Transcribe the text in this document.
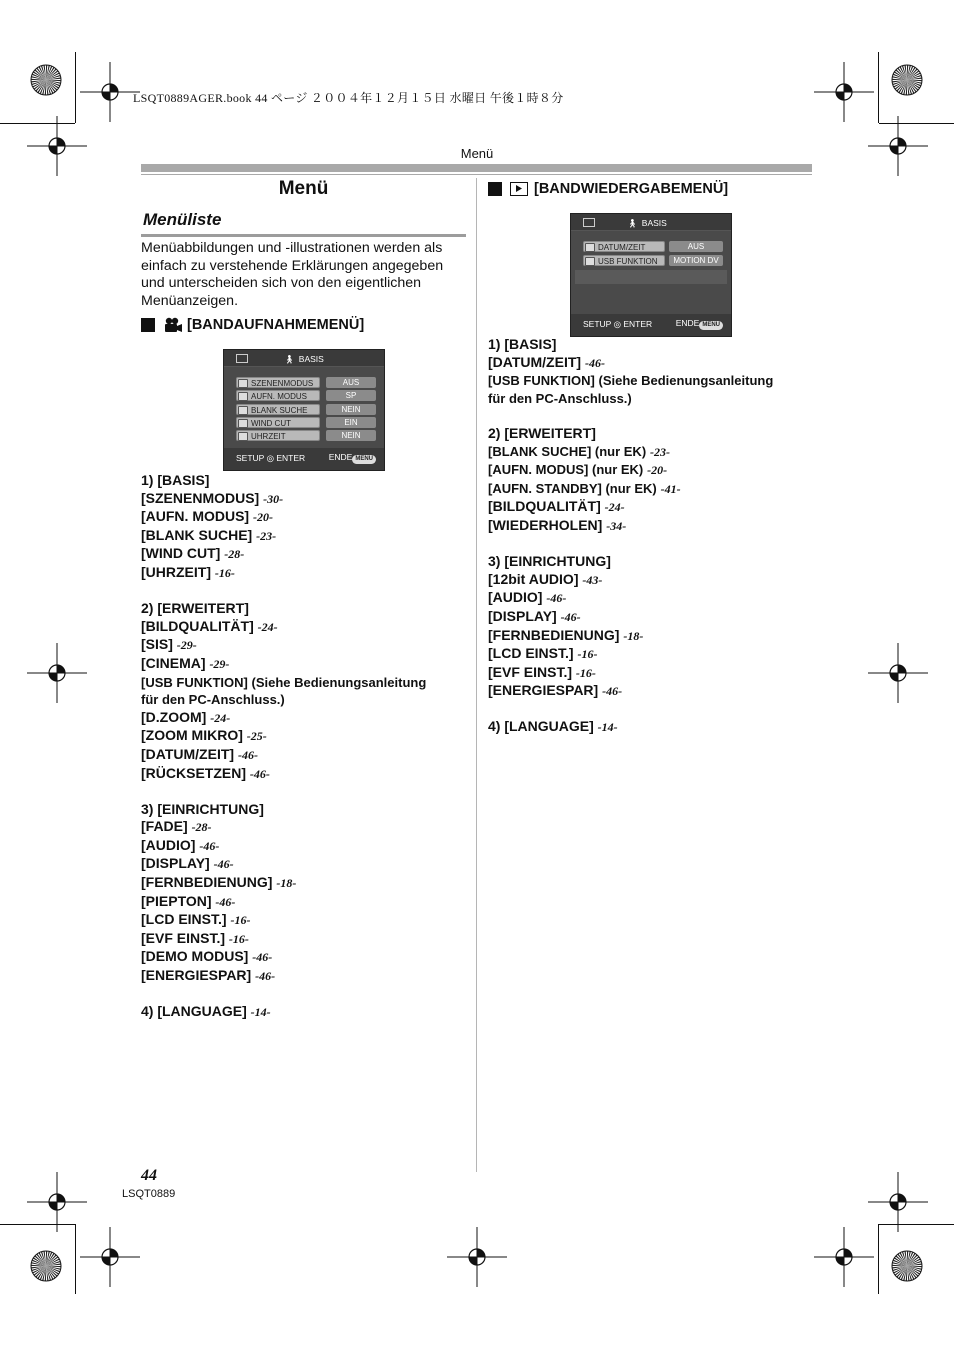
LSQT0889AGER.book 44 ページ ２００４年１２月１５日 水曜日 午後１時８分
Menü
Menü
Menüliste
Menüabbildungen und -illustrationen werden als einfach zu verstehende Erklärungen angegeben und unterscheiden sich von den eigentlichen Menüanzeigen.
[BANDAUFNAHMEMENÜ]
🚶︎ BASIS
SZENENMODUS	AUS
AUFN. MODUS	SP
BLANK SUCHE	NEIN
WIND CUT	EIN
UHRZEIT	NEIN
SETUP ◎ ENTER	ENDE MENU
1) [BASIS]
[SZENENMODUS] -30-
[AUFN. MODUS] -20-
[BLANK SUCHE] -23-
[WIND CUT] -28-
[UHRZEIT] -16-
2) [ERWEITERT]
[BILDQUALITÄT] -24-
[SIS] -29-
[CINEMA] -29-
[USB FUNKTION] (Siehe Bedienungsanleitung
für den PC-Anschluss.)
[D.ZOOM] -24-
[ZOOM MIKRO] -25-
[DATUM/ZEIT] -46-
[RÜCKSETZEN] -46-
3) [EINRICHTUNG]
[FADE] -28-
[AUDIO] -46-
[DISPLAY] -46-
[FERNBEDIENUNG] -18-
[PIEPTON] -46-
[LCD EINST.] -16-
[EVF EINST.] -16-
[DEMO MODUS] -46-
[ENERGIESPAR] -46-
4) [LANGUAGE] -14-
[BANDWIEDERGABEMENÜ]
🚶︎ BASIS
DATUM/ZEIT	AUS
USB FUNKTION	MOTION DV
SETUP ◎ ENTER	ENDE MENU
1) [BASIS]
[DATUM/ZEIT] -46-
[USB FUNKTION] (Siehe Bedienungsanleitung
für den PC-Anschluss.)
2) [ERWEITERT]
[BLANK SUCHE] (nur EK) -23-
[AUFN. MODUS] (nur EK) -20-
[AUFN. STANDBY] (nur EK) -41-
[BILDQUALITÄT] -24-
[WIEDERHOLEN] -34-
3) [EINRICHTUNG]
[12bit AUDIO] -43-
[AUDIO] -46-
[DISPLAY] -46-
[FERNBEDIENUNG] -18-
[LCD EINST.] -16-
[EVF EINST.] -16-
[ENERGIESPAR] -46-
4) [LANGUAGE] -14-
44
LSQT0889
